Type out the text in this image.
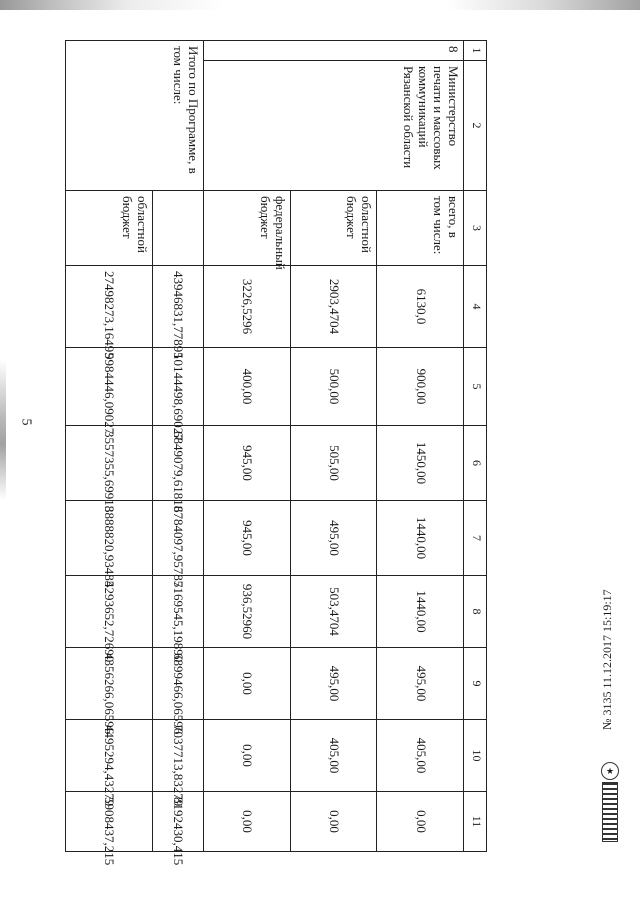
5
1	2	3	4	5	6	7	8	9	10	11
8	Министерство печати и массовых коммуникаций Рязанской области	всего, в том числе:	6130,0	900,00	1450,00	1440,00	1440,00	495,00	405,00	0,00
		областной бюджет	2903,4704	500,00	505,00	495,00	503,4704	495,00	405,00	0,00
		федеральный бюджет	3226,5296	400,00	945,00	945,00	936,52960	0,00	0,00	0,00
Итого по Программе, в том числе:			43946831,77895	10144498,69027	6849079,61818	6784097,95785	7169545,19890	6899466,06596	7037713,83279	8192430,415
		областной бюджет	27498273,16495	9984446,09027	3557355,69918	3888820,93485	4293652,72690	4356266,06596	4495294,43279	5908437,215
★
№ 3135 11.12.2017 15:19:17
